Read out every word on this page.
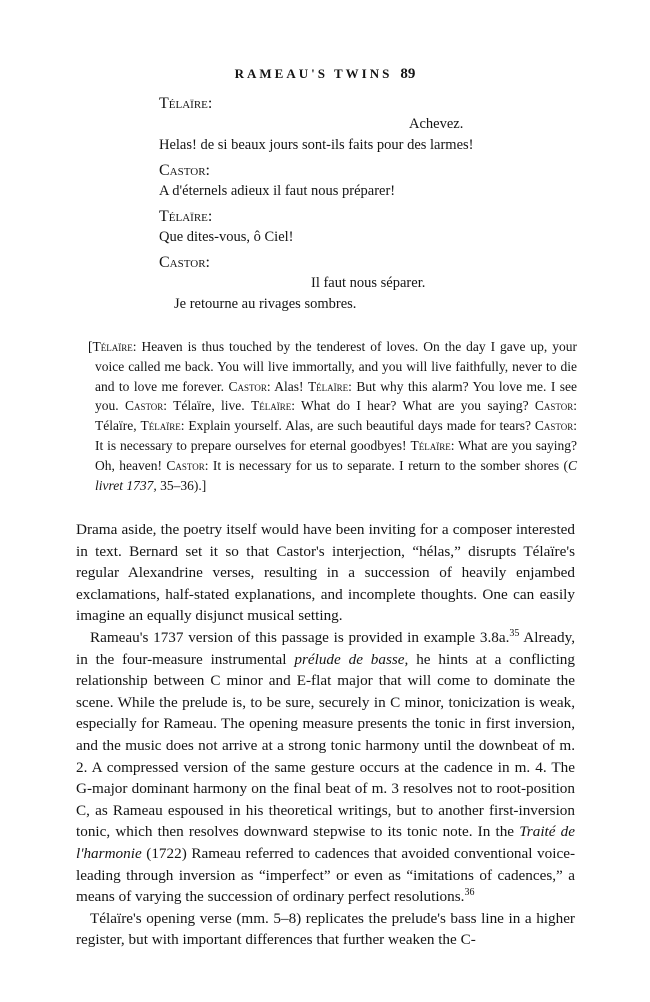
RAMEAU'S TWINS 89
Télaïre:
Achevez.
Helas! de si beaux jours sont-ils faits pour des larmes!
Castor:
A d'éternels adieux il faut nous préparer!
Télaïre:
Que dites-vous, ô Ciel!
Castor:
Il faut nous séparer.
Je retourne au rivages sombres.
[Télaïre: Heaven is thus touched by the tenderest of loves. On the day I gave up, your voice called me back. You will live immortally, and you will live faithfully, never to die and to love me forever. Castor: Alas! Télaïre: But why this alarm? You love me. I see you. Castor: Télaïre, live. Télaïre: What do I hear? What are you saying? Castor: Télaïre, Télaïre: Explain yourself. Alas, are such beautiful days made for tears? Castor: It is necessary to prepare ourselves for eternal goodbyes! Télaïre: What are you saying? Oh, heaven! Castor: It is necessary for us to separate. I return to the somber shores (C livret 1737, 35–36).]

Drama aside, the poetry itself would have been inviting for a composer interested in text. Bernard set it so that Castor's interjection, “hélas,” disrupts Télaïre's regular Alexandrine verses, resulting in a succession of heavily enjambed exclamations, half-stated explanations, and incomplete thoughts. One can easily imagine an equally disjunct musical setting.

Rameau's 1737 version of this passage is provided in example 3.8a.$^{35}$ Already, in the four-measure instrumental prélude de basse, he hints at a conflicting relationship between C minor and E-flat major that will come to dominate the scene. While the prelude is, to be sure, securely in C minor, tonicization is weak, especially for Rameau. The opening measure presents the tonic in first inversion, and the music does not arrive at a strong tonic harmony until the downbeat of m. 2. A compressed version of the same gesture occurs at the cadence in m. 4. The G-major dominant harmony on the final beat of m. 3 resolves not to root-position C, as Rameau espoused in his theoretical writings, but to another first-inversion tonic, which then resolves downward stepwise to its tonic note. In the Traité de l'harmonie (1722) Rameau referred to cadences that avoided conventional voice-leading through inversion as “imperfect” or even as “imitations of cadences,” a means of varying the succession of ordinary perfect resolutions.$^{36}$

Télaïre's opening verse (mm. 5–8) replicates the prelude's bass line in a higher register, but with important differences that further weaken the C-
